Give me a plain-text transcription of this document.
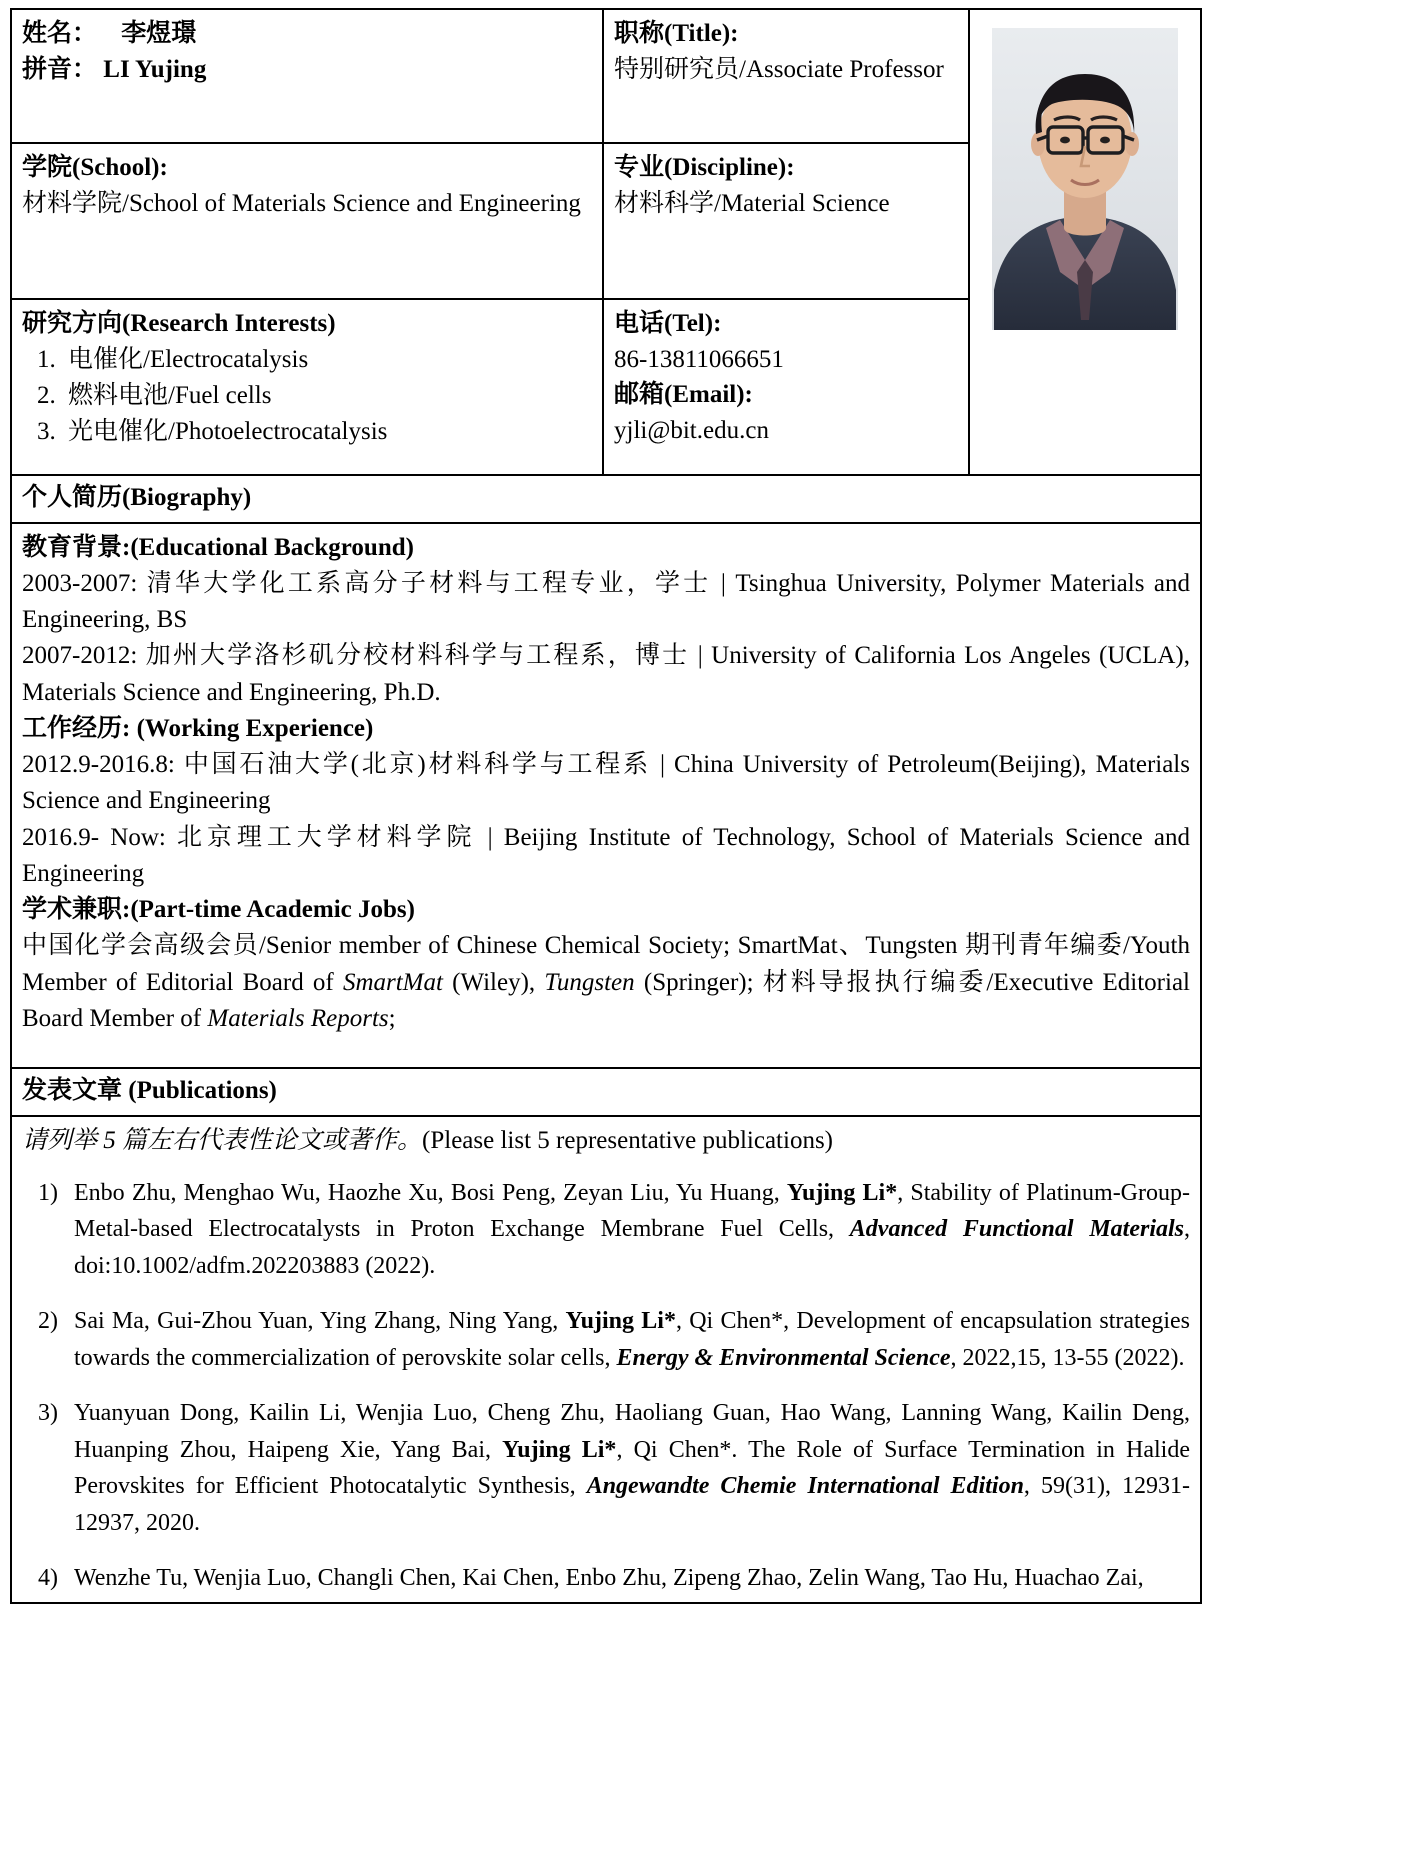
姓名： 李煜璟
拼音： LI Yujing

职称(Title):
特别研究员/Associate Professor

学院(School):
材料学院/School of Materials Science and Engineering

专业(Discipline):
材料科学/Material Science

研究方向(Research Interests)
1. 电催化/Electrocatalysis
2. 燃料电池/Fuel cells
3. 光电催化/Photoelectrocatalysis

电话(Tel):
86-13811066651
邮箱(Email):
yjli@bit.edu.cn

个人简历(Biography)		

教育背景:(Educational Background)

2003-2007: 清华大学化工系高分子材料与工程专业，学士 | Tsinghua University, Polymer Materials and Engineering, BS

2007-2012: 加州大学洛杉矶分校材料科学与工程系，博士 | University of California Los Angeles (UCLA), Materials Science and Engineering, Ph.D.

工作经历: (Working Experience)

2012.9-2016.8: 中国石油大学(北京)材料科学与工程系 | China University of Petroleum(Beijing), Materials Science and Engineering

2016.9- Now: 北京理工大学材料学院 | Beijing Institute of Technology, School of Materials Science and Engineering

学术兼职:(Part-time Academic Jobs)

中国化学会高级会员/Senior member of Chinese Chemical Society; SmartMat、Tungsten 期刊青年编委/Youth Member of Editorial Board of SmartMat (Wiley), Tungsten (Springer); 材料导报执行编委/Executive Editorial Board Member of Materials Reports;

发表文章 (Publications)		

请列举 5 篇左右代表性论文或著作。(Please list 5 representative publications)
Enbo Zhu, Menghao Wu, Haozhe Xu, Bosi Peng, Zeyan Liu, Yu Huang, Yujing Li*, Stability of Platinum-Group-Metal-based Electrocatalysts in Proton Exchange Membrane Fuel Cells, Advanced Functional Materials, doi:10.1002/adfm.202203883 (2022).
Sai Ma, Gui-Zhou Yuan, Ying Zhang, Ning Yang, Yujing Li*, Qi Chen*, Development of encapsulation strategies towards the commercialization of perovskite solar cells, Energy & Environmental Science, 2022,15, 13-55 (2022).
Yuanyuan Dong, Kailin Li, Wenjia Luo, Cheng Zhu, Haoliang Guan, Hao Wang, Lanning Wang, Kailin Deng, Huanping Zhou, Haipeng Xie, Yang Bai, Yujing Li*, Qi Chen*. The Role of Surface Termination in Halide Perovskites for Efficient Photocatalytic Synthesis, Angewandte Chemie International Edition, 59(31), 12931-12937, 2020.
Wenzhe Tu, Wenjia Luo, Changli Chen, Kai Chen, Enbo Zhu, Zipeng Zhao, Zelin Wang, Tao Hu, Huachao Zai,
